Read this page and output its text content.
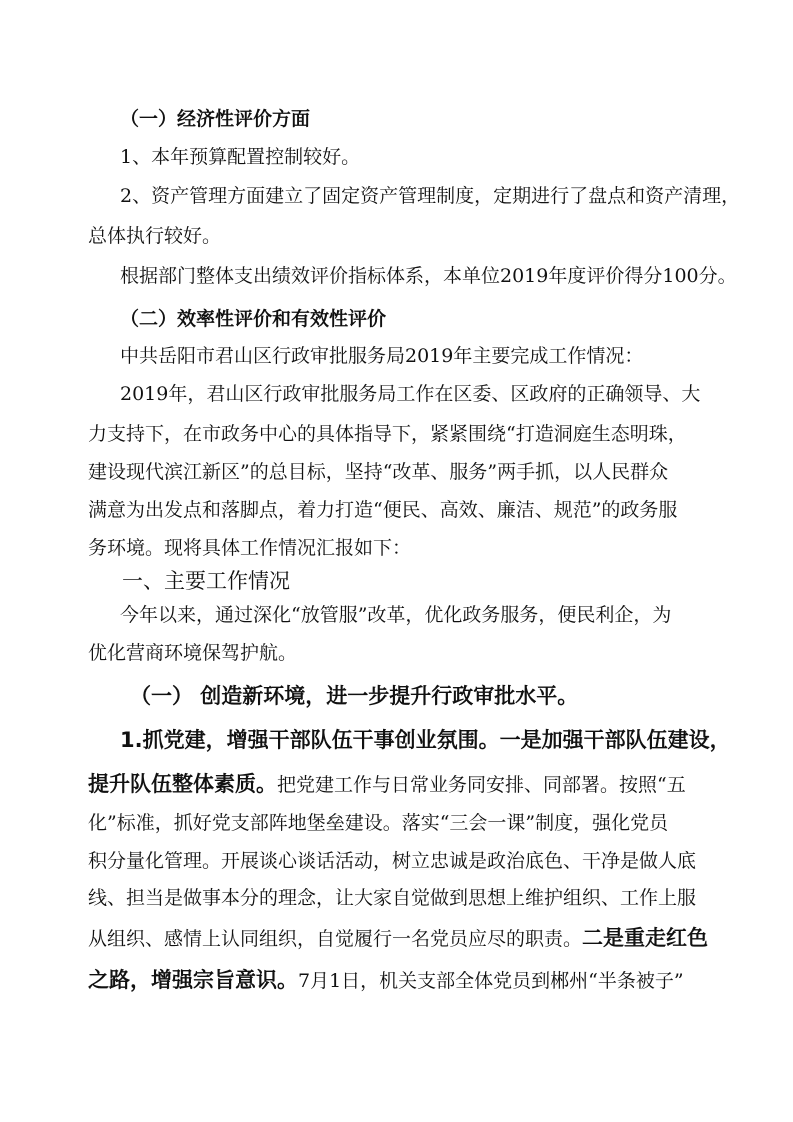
（一）经济性评价方面
1、本年预算配置控制较好。
2、资产管理方面建立了固定资产管理制度，定期进行了盘点和资产清理，
总体执行较好。
根据部门整体支出绩效评价指标体系，本单位2019年度评价得分100分。
（二）效率性评价和有效性评价
中共岳阳市君山区行政审批服务局2019年主要完成工作情况：
2019年，君山区行政审批服务局工作在区委、区政府的正确领导、大
力支持下，在市政务中心的具体指导下，紧紧围绕“打造洞庭生态明珠，
建设现代滨江新区”的总目标，坚持“改革、服务”两手抓，以人民群众
满意为出发点和落脚点，着力打造“便民、高效、廉洁、规范”的政务服
务环境。现将具体工作情况汇报如下：
一、主要工作情况
今年以来，通过深化“放管服”改革，优化政务服务，便民利企，为
优化营商环境保驾护航。
（一） 创造新环境，进一步提升行政审批水平。
1.抓党建，增强干部队伍干事创业氛围。一是加强干部队伍建设，
提升队伍整体素质。把党建工作与日常业务同安排、同部署。按照“五
化”标准，抓好党支部阵地堡垒建设。落实“三会一课”制度，强化党员
积分量化管理。开展谈心谈话活动，树立忠诚是政治底色、干净是做人底
线、担当是做事本分的理念，让大家自觉做到思想上维护组织、工作上服
从组织、感情上认同组织，自觉履行一名党员应尽的职责。二是重走红色
之路，增强宗旨意识。7月1日，机关支部全体党员到郴州“半条被子”
